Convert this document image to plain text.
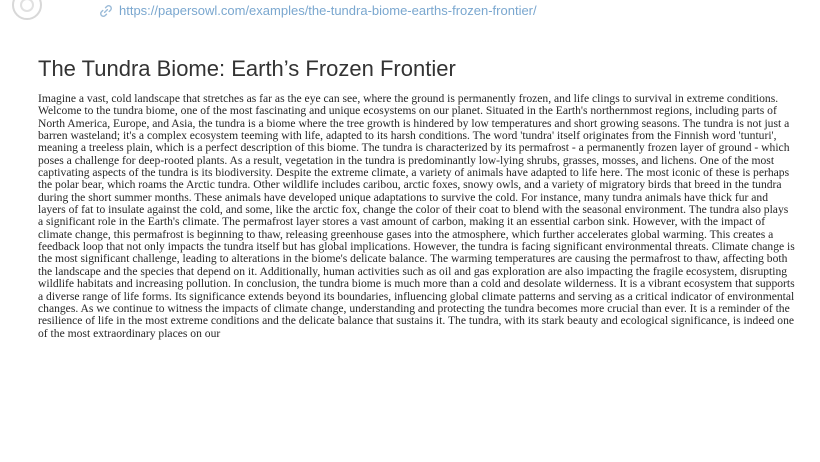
https://papersowl.com/examples/the-tundra-biome-earths-frozen-frontier/
The Tundra Biome: Earth’s Frozen Frontier

Imagine a vast, cold landscape that stretches as far as the eye can see, where the ground is permanently frozen, and life clings to survival in extreme conditions. Welcome to the tundra biome, one of the most fascinating and unique ecosystems on our planet. Situated in the Earth's northernmost regions, including parts of North America, Europe, and Asia, the tundra is a biome where the tree growth is hindered by low temperatures and short growing seasons. The tundra is not just a barren wasteland; it's a complex ecosystem teeming with life, adapted to its harsh conditions. The word 'tundra' itself originates from the Finnish word 'tunturi', meaning a treeless plain, which is a perfect description of this biome. The tundra is characterized by its permafrost - a permanently frozen layer of ground - which poses a challenge for deep-rooted plants. As a result, vegetation in the tundra is predominantly low-lying shrubs, grasses, mosses, and lichens. One of the most captivating aspects of the tundra is its biodiversity. Despite the extreme climate, a variety of animals have adapted to life here. The most iconic of these is perhaps the polar bear, which roams the Arctic tundra. Other wildlife includes caribou, arctic foxes, snowy owls, and a variety of migratory birds that breed in the tundra during the short summer months. These animals have developed unique adaptations to survive the cold. For instance, many tundra animals have thick fur and layers of fat to insulate against the cold, and some, like the arctic fox, change the color of their coat to blend with the seasonal environment. The tundra also plays a significant role in the Earth's climate. The permafrost layer stores a vast amount of carbon, making it an essential carbon sink. However, with the impact of climate change, this permafrost is beginning to thaw, releasing greenhouse gases into the atmosphere, which further accelerates global warming. This creates a feedback loop that not only impacts the tundra itself but has global implications. However, the tundra is facing significant environmental threats. Climate change is the most significant challenge, leading to alterations in the biome's delicate balance. The warming temperatures are causing the permafrost to thaw, affecting both the landscape and the species that depend on it. Additionally, human activities such as oil and gas exploration are also impacting the fragile ecosystem, disrupting wildlife habitats and increasing pollution. In conclusion, the tundra biome is much more than a cold and desolate wilderness. It is a vibrant ecosystem that supports a diverse range of life forms. Its significance extends beyond its boundaries, influencing global climate patterns and serving as a critical indicator of environmental changes. As we continue to witness the impacts of climate change, understanding and protecting the tundra becomes more crucial than ever. It is a reminder of the resilience of life in the most extreme conditions and the delicate balance that sustains it. The tundra, with its stark beauty and ecological significance, is indeed one of the most extraordinary places on our
